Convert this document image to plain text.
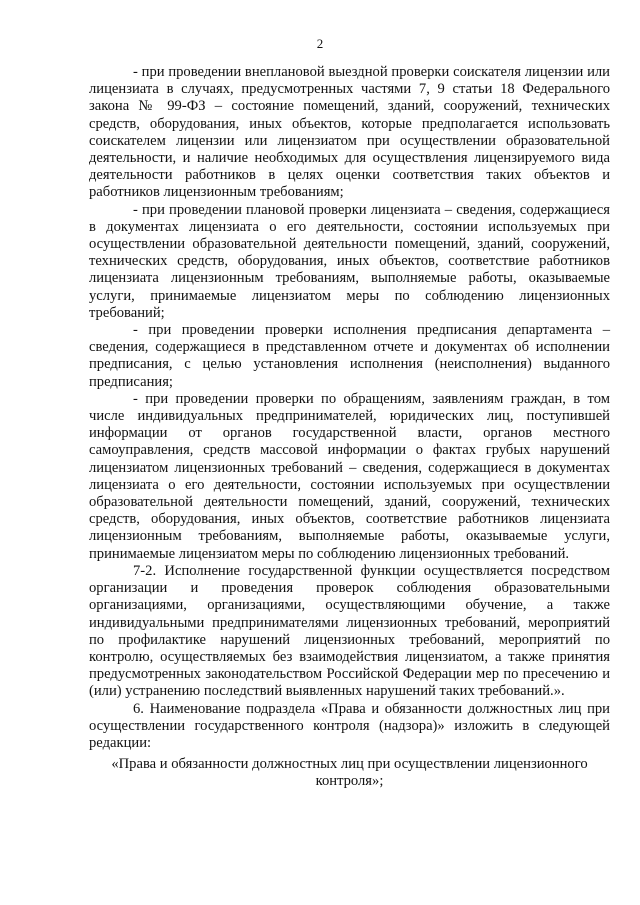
2

- при проведении внеплановой выездной проверки соискателя лицензии или лицензиата в случаях, предусмотренных частями 7, 9 статьи 18 Федерального закона № 99-ФЗ – состояние помещений, зданий, сооружений, технических средств, оборудования, иных объектов, которые предполагается использовать соискателем лицензии или лицензиатом при осуществлении образовательной деятельности, и наличие необходимых для осуществления лицензируемого вида деятельности работников в целях оценки соответствия таких объектов и работников лицензионным требованиям;

- при проведении плановой проверки лицензиата – сведения, содержащиеся в документах лицензиата о его деятельности, состоянии используемых при осуществлении образовательной деятельности помещений, зданий, сооружений, технических средств, оборудования, иных объектов, соответствие работников лицензиата лицензионным требованиям, выполняемые работы, оказываемые услуги, принимаемые лицензиатом меры по соблюдению лицензионных требований;

- при проведении проверки исполнения предписания департамента – сведения, содержащиеся в представленном отчете и документах об исполнении предписания, с целью установления исполнения (неисполнения) выданного предписания;

- при проведении проверки по обращениям, заявлениям граждан, в том числе индивидуальных предпринимателей, юридических лиц, поступившей информации от органов государственной власти, органов местного самоуправления, средств массовой информации о фактах грубых нарушений лицензиатом лицензионных требований – сведения, содержащиеся в документах лицензиата о его деятельности, состоянии используемых при осуществлении образовательной деятельности помещений, зданий, сооружений, технических средств, оборудования, иных объектов, соответствие работников лицензиата лицензионным требованиям, выполняемые работы, оказываемые услуги, принимаемые лицензиатом меры по соблюдению лицензионных требований.

7-2. Исполнение государственной функции осуществляется посредством организации и проведения проверок соблюдения образовательными организациями, организациями, осуществляющими обучение, а также индивидуальными предпринимателями лицензионных требований, мероприятий по профилактике нарушений лицензионных требований, мероприятий по контролю, осуществляемых без взаимодействия лицензиатом, а также принятия предусмотренных законодательством Российской Федерации мер по пресечению и (или) устранению последствий выявленных нарушений таких требований.».

6. Наименование подраздела «Права и обязанности должностных лиц при осуществлении государственного контроля (надзора)» изложить в следующей редакции:

«Права и обязанности должностных лиц при осуществлении лицензионного контроля»;
